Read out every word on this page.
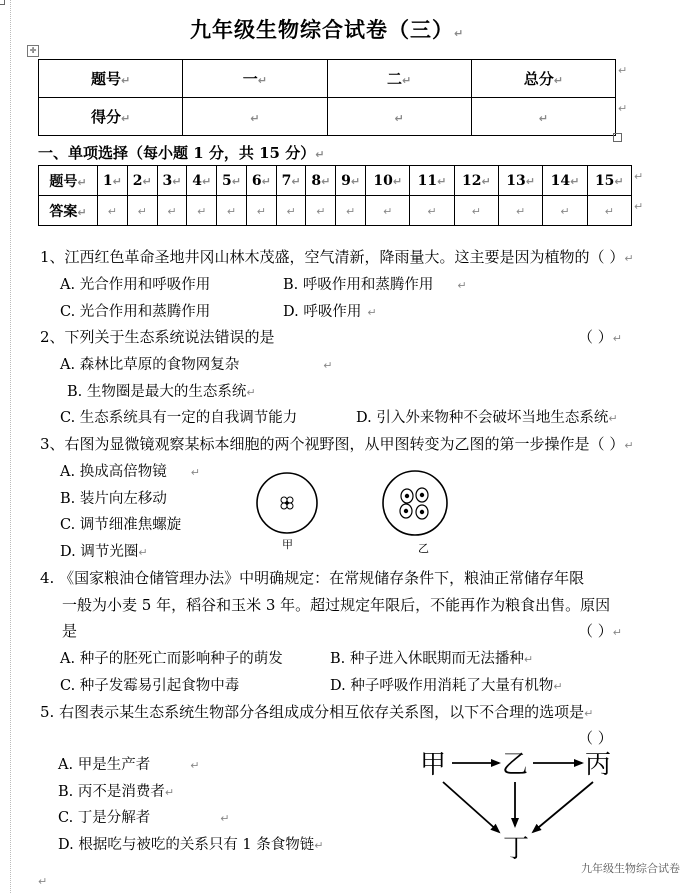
九年级生物综合试卷（三）↵
✛
题号↵	一↵	二↵	总分↵
得分↵	↵	↵	↵
↵
↵
一、单项选择（每小题 1 分，共 15 分）↵
题号↵	1↵	2↵	3↵	4↵	5↵	6↵	7↵	8↵	9↵	10↵	11↵	12↵	13↵	14↵	15↵
答案↵	↵	↵	↵	↵	↵	↵	↵	↵	↵	↵	↵	↵	↵	↵	↵
↵
↵
1、江西红色革命圣地井冈山林木茂盛，空气清新，降雨量大。这主要是因为植物的（ ）↵
A. 光合作用和呼吸作用	B. 呼吸作用和蒸腾作用 ↵
C. 光合作用和蒸腾作用	D. 呼吸作用 ↵
2、下列关于生态系统说法错误的是	（ ）↵
A. 森林比草原的食物网复杂	↵
B. 生物圈是最大的生态系统↵
C. 生态系统具有一定的自我调节能力	D. 引入外来物种不会破坏当地生态系统↵
3、右图为显微镜观察某标本细胞的两个视野图，从甲图转变为乙图的第一步操作是（ ）↵
A. 换成高倍物镜 ↵
B. 装片向左移动
C. 调节细准焦螺旋
D. 调节光圈↵
甲	乙
4. 《国家粮油仓储管理办法》中明确规定：在常规储存条件下，粮油正常储存年限
一般为小麦 5 年，稻谷和玉米 3 年。超过规定年限后，不能再作为粮食出售。原因
是	（ ）↵
A. 种子的胚死亡而影响种子的萌发	B. 种子进入休眠期而无法播种↵
C. 种子发霉易引起食物中毒	D. 种子呼吸作用消耗了大量有机物↵
5. 右图表示某生态系统生物部分各组成成分相互依存关系图，以下不合理的选项是↵
（ ）
A. 甲是生产者	↵
B. 丙不是消费者↵
C. 丁是分解者	↵
D. 根据吃与被吃的关系只有 1 条食物链↵
甲 乙 丙
丁
↵
九年级生物综合试卷
